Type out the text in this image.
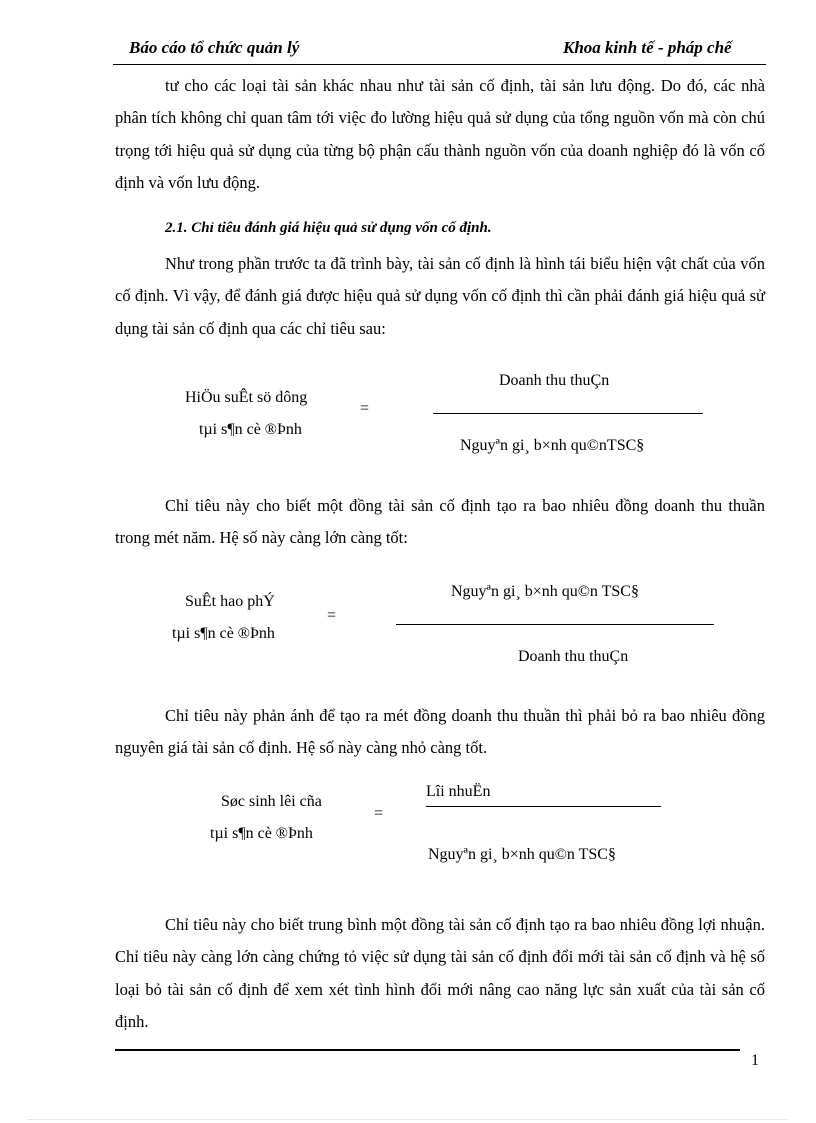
Báo cáo tổ chức quản lý	Khoa kinh tế - pháp chế

tư cho các loại tài sản khác nhau như tài sản cố định, tài sản lưu động. Do đó, các nhà phân tích không chỉ quan tâm tới việc đo lường hiệu quả sử dụng của tổng nguồn vốn mà còn chú trọng tới hiệu quả sử dụng của từng bộ phận cấu thành nguồn vốn của doanh nghiệp đó là vốn cố định và vốn lưu động.

2.1. Chỉ tiêu đánh giá hiệu quả sử dụng vốn cố định.

Như trong phần trước ta đã trình bày, tài sản cố định là hình tái biểu hiện vật chất của vốn cố định. Vì vậy, để đánh giá được hiệu quả sử dụng vốn cố định thì cần phải đánh giá hiệu quả sử dụng tài sản cố định qua các chỉ tiêu sau:

HiÖu suÊt sö dông
tµi s¶n cè ®Þnh
=
Doanh thu thuÇn
Nguyªn gi¸ b×nh qu©nTSC§

Chỉ tiêu này cho biết một đồng tài sản cố định tạo ra bao nhiêu đồng doanh thu thuần trong mét năm. Hệ số này càng lớn càng tốt:

SuÊt hao phÝ
tµi s¶n cè ®Þnh
=
Nguyªn gi¸ b×nh qu©n TSC§
Doanh thu thuÇn

Chỉ tiêu này phản ánh để tạo ra mét đồng doanh thu thuần thì phải bỏ ra bao nhiêu đồng nguyên giá tài sản cố định. Hệ số này càng nhỏ càng tốt.

Søc sinh lêi cña
tµi s¶n cè ®Þnh
=
Lîi nhuËn
Nguyªn gi¸ b×nh qu©n TSC§

Chỉ tiêu này cho biết trung bình một đồng tài sản cố định tạo ra bao nhiêu đồng lợi nhuận. Chỉ tiêu này càng lớn càng chứng tỏ việc sử dụng tài sản cố định đổi mới tài sản cố định và hệ số loại bỏ tài sản cố định để xem xét tình hình đổi mới nâng cao năng lực sản xuất của tài sản cố định.

1
